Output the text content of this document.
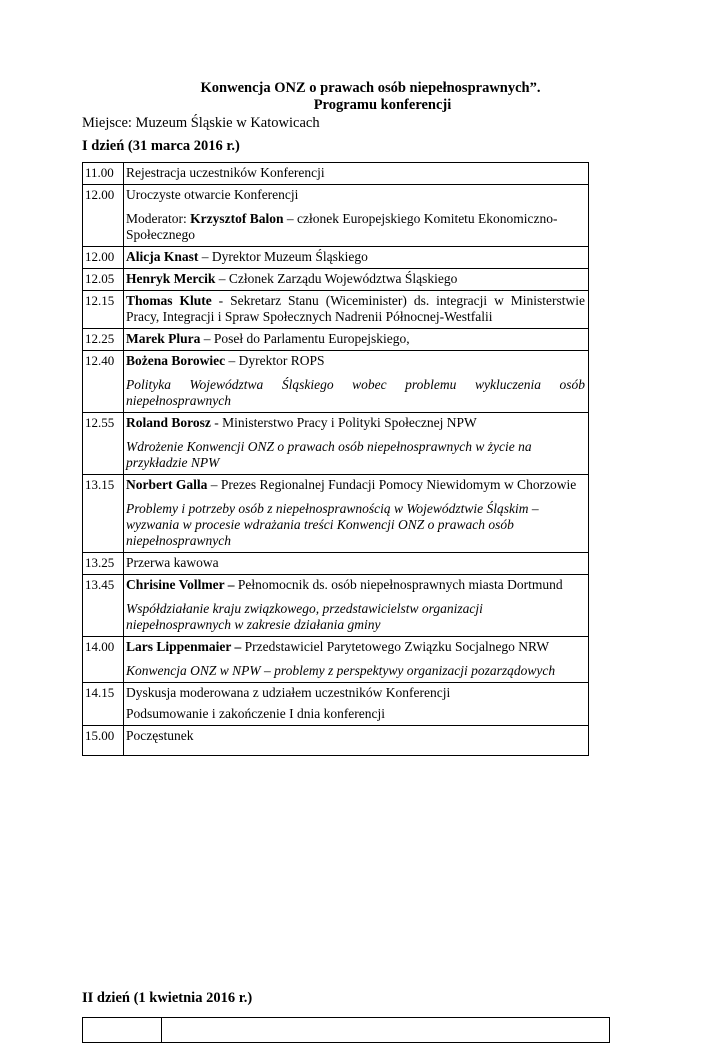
Konwencja ONZ o prawach osób niepełnosprawnych”.
Programu konferencji
Miejsce: Muzeum Śląskie w Katowicach
I dzień (31 marca 2016 r.)
11.00	Rejestracja uczestników Konferencji

12.00	Uroczyste otwarcie Konferencji
Moderator: Krzysztof Balon – członek Europejskiego Komitetu Ekonomiczno-Społecznego

12.00	Alicja Knast – Dyrektor Muzeum Śląskiego

12.05	Henryk Mercik – Członek Zarządu Województwa Śląskiego

12.15	Thomas Klute - Sekretarz Stanu (Wiceminister) ds. integracji w Ministerstwie Pracy, Integracji i Spraw Społecznych Nadrenii Północnej-Westfalii

12.25	Marek Plura – Poseł do Parlamentu Europejskiego,

12.40	Bożena Borowiec – Dyrektor ROPS
Polityka Województwa Śląskiego wobec problemu wykluczenia osób niepełnosprawnych

12.55	Roland Borosz - Ministerstwo Pracy i Polityki Społecznej NPW
Wdrożenie Konwencji ONZ o prawach osób niepełnosprawnych w życie na przykładzie NPW

13.15	Norbert Galla – Prezes Regionalnej Fundacji Pomocy Niewidomym w Chorzowie
Problemy i potrzeby osób z niepełnosprawnością w Województwie Śląskim – wyzwania w procesie wdrażania treści Konwencji ONZ o prawach osób niepełnosprawnych

13.25	Przerwa kawowa

13.45	Chrisine Vollmer – Pełnomocnik ds. osób niepełnosprawnych miasta Dortmund
Współdziałanie kraju związkowego, przedstawicielstw organizacji niepełnosprawnych w zakresie działania gminy

14.00	Lars Lippenmaier – Przedstawiciel Parytetowego Związku Socjalnego NRW
Konwencja ONZ w NPW – problemy z perspektywy organizacji pozarządowych

14.15	Dyskusja moderowana z udziałem uczestników Konferencji
Podsumowanie i zakończenie I dnia konferencji

15.00	Poczęstunek
II dzień (1 kwietnia 2016 r.)
